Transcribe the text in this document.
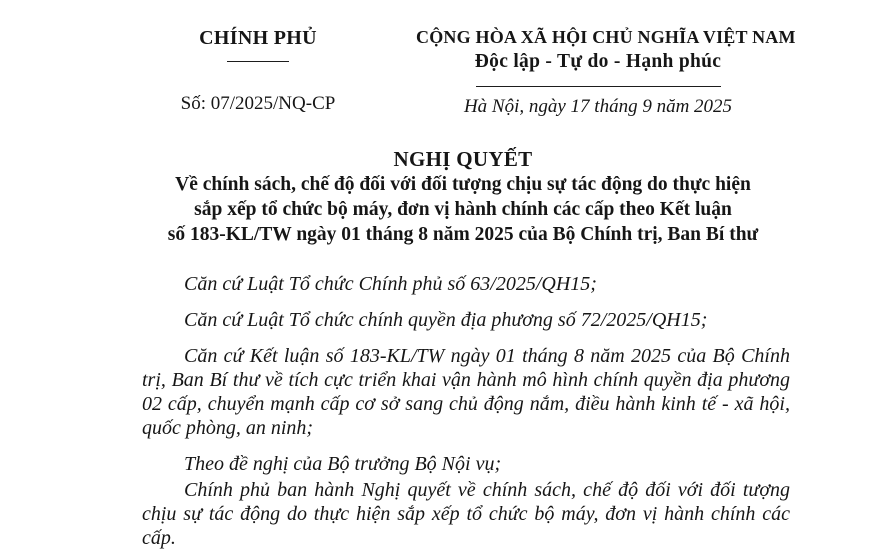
CHÍNH PHỦ
Số: 07/2025/NQ-CP
CỘNG HÒA XÃ HỘI CHỦ NGHĨA VIỆT NAM
Độc lập - Tự do - Hạnh phúc
Hà Nội, ngày 17 tháng 9 năm 2025
NGHỊ QUYẾT
Về chính sách, chế độ đối với đối tượng chịu sự tác động do thực hiện
sắp xếp tổ chức bộ máy, đơn vị hành chính các cấp theo Kết luận
số 183-KL/TW ngày 01 tháng 8 năm 2025 của Bộ Chính trị, Ban Bí thư

Căn cứ Luật Tổ chức Chính phủ số 63/2025/QH15;

Căn cứ Luật Tổ chức chính quyền địa phương số 72/2025/QH15;

Căn cứ Kết luận số 183-KL/TW ngày 01 tháng 8 năm 2025 của Bộ Chính trị, Ban Bí thư về tích cực triển khai vận hành mô hình chính quyền địa phương 02 cấp, chuyển mạnh cấp cơ sở sang chủ động nắm, điều hành kinh tế - xã hội, quốc phòng, an ninh;

Theo đề nghị của Bộ trưởng Bộ Nội vụ;

Chính phủ ban hành Nghị quyết về chính sách, chế độ đối với đối tượng chịu sự tác động do thực hiện sắp xếp tổ chức bộ máy, đơn vị hành chính các cấp.
